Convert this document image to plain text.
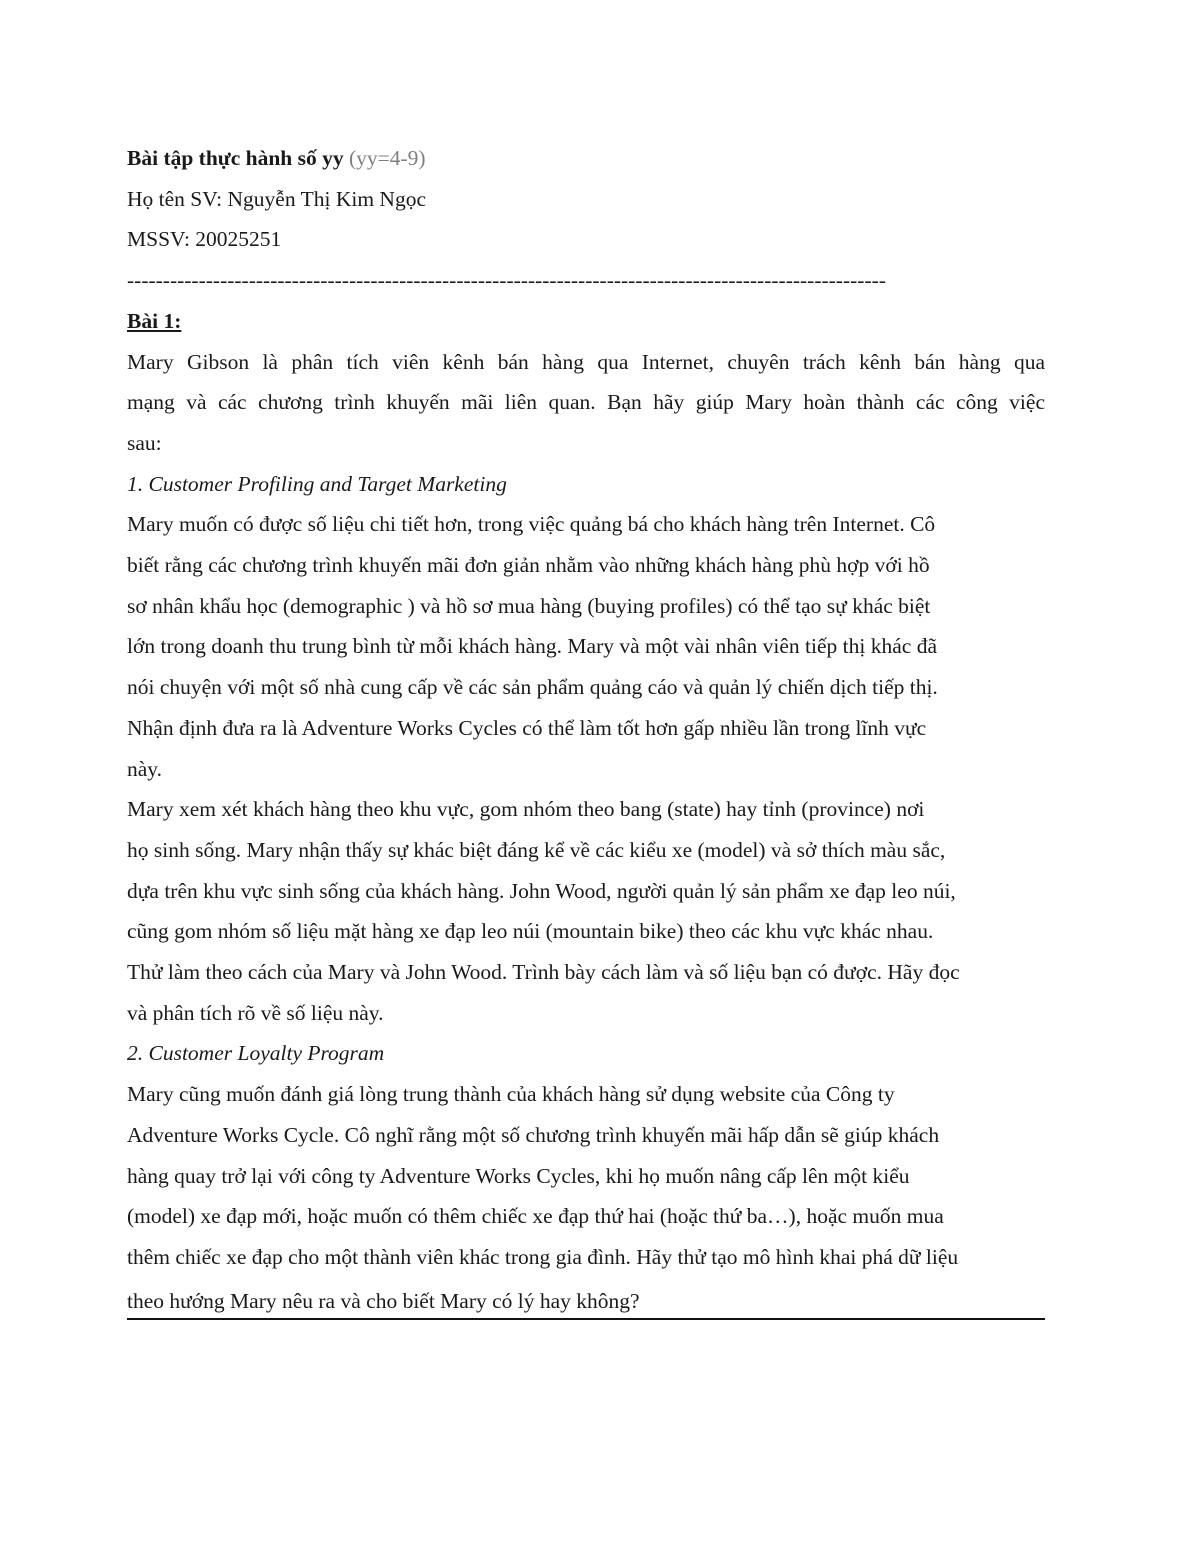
Bài tập thực hành số yy (yy=4-9)
Họ tên SV: Nguyễn Thị Kim Ngọc
MSSV: 20025251
----------------------------------------------------------------------------------------------------------
Bài 1:
Mary Gibson là phân tích viên kênh bán hàng qua Internet, chuyên trách kênh bán hàng qua
mạng và các chương trình khuyến mãi liên quan. Bạn hãy giúp Mary hoàn thành các công việc
sau:
1. Customer Profiling and Target Marketing
Mary muốn có được số liệu chi tiết hơn, trong việc quảng bá cho khách hàng trên Internet. Cô
biết rằng các chương trình khuyến mãi đơn giản nhằm vào những khách hàng phù hợp với hồ
sơ nhân khẩu học (demographic ) và hồ sơ mua hàng (buying profiles) có thể tạo sự khác biệt
lớn trong doanh thu trung bình từ mỗi khách hàng. Mary và một vài nhân viên tiếp thị khác đã
nói chuyện với một số nhà cung cấp về các sản phẩm quảng cáo và quản lý chiến dịch tiếp thị.
Nhận định đưa ra là Adventure Works Cycles có thể làm tốt hơn gấp nhiều lần trong lĩnh vực
này.
Mary xem xét khách hàng theo khu vực, gom nhóm theo bang (state) hay tỉnh (province) nơi
họ sinh sống. Mary nhận thấy sự khác biệt đáng kể về các kiểu xe (model) và sở thích màu sắc,
dựa trên khu vực sinh sống của khách hàng. John Wood, người quản lý sản phẩm xe đạp leo núi,
cũng gom nhóm số liệu mặt hàng xe đạp leo núi (mountain bike) theo các khu vực khác nhau.
Thử làm theo cách của Mary và John Wood. Trình bày cách làm và số liệu bạn có được. Hãy đọc
và phân tích rõ về số liệu này.
2. Customer Loyalty Program
Mary cũng muốn đánh giá lòng trung thành của khách hàng sử dụng website của Công ty
Adventure Works Cycle. Cô nghĩ rằng một số chương trình khuyến mãi hấp dẫn sẽ giúp khách
hàng quay trở lại với công ty Adventure Works Cycles, khi họ muốn nâng cấp lên một kiểu
(model) xe đạp mới, hoặc muốn có thêm chiếc xe đạp thứ hai (hoặc thứ ba…), hoặc muốn mua
thêm chiếc xe đạp cho một thành viên khác trong gia đình. Hãy thử tạo mô hình khai phá dữ liệu
theo hướng Mary nêu ra và cho biết Mary có lý hay không?
